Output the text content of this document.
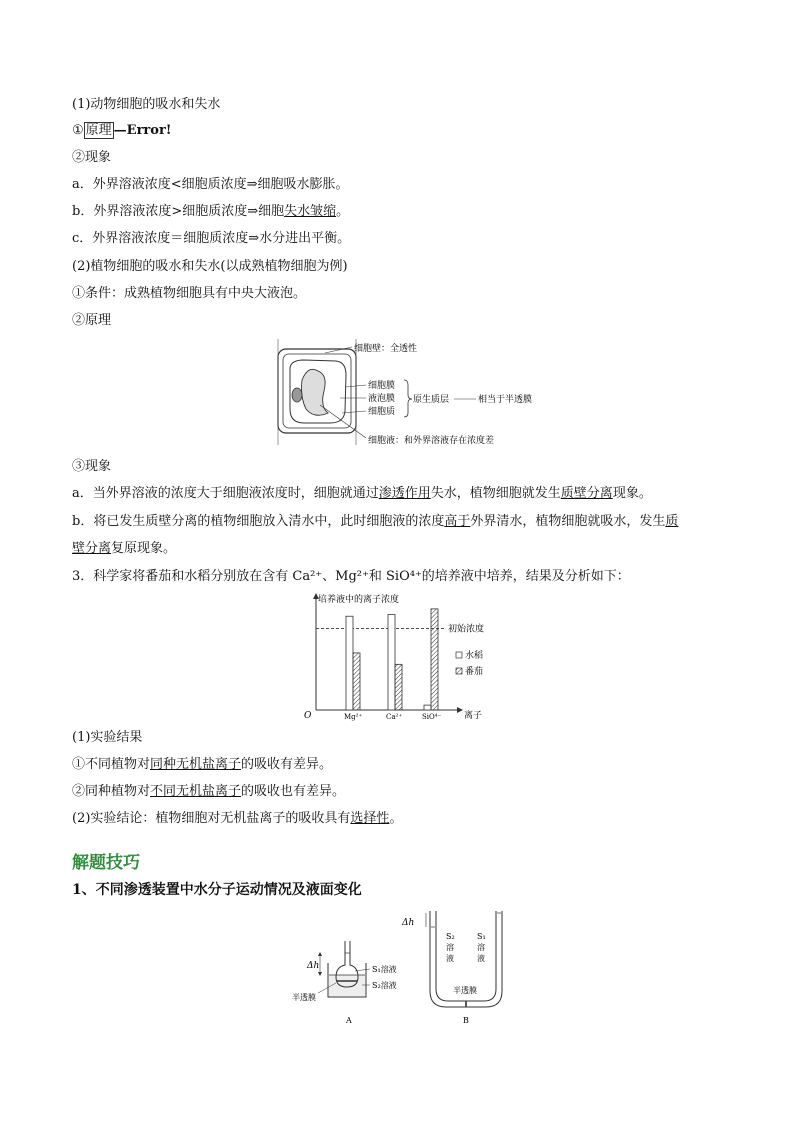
(1)动物细胞的吸水和失水
① 原理 —Error!
②现象
a．外界溶液浓度<细胞质浓度⇒细胞吸水膨胀。
b．外界溶液浓度>细胞质浓度⇒细胞失水皱缩。
c．外界溶液浓度＝细胞质浓度⇒水分进出平衡。
(2)植物细胞的吸水和失水(以成熟植物细胞为例)
①条件：成熟植物细胞具有中央大液泡。
②原理
细胞壁：全透性
细胞膜
液泡膜
细胞质
原生质层	相当于半透膜
细胞液：和外界溶液存在浓度差
③现象
a．当外界溶液的浓度大于细胞液浓度时，细胞就通过渗透作用失水，植物细胞就发生质壁分离现象。
b．将已发生质壁分离的植物细胞放入清水中，此时细胞液的浓度高于外界清水，植物细胞就吸水，发生质
壁分离复原现象。
3．科学家将番茄和水稻分别放在含有 Ca²⁺、Mg²⁺和 SiO⁴⁺的培养液中培养，结果及分析如下：
培养液中的离子浓度
O	离子
初始浓度
Mg²⁺	Ca²⁺	SiO⁴⁻
水稻
番茄
(1)实验结果
①不同植物对同种无机盐离子的吸收有差异。
②同种植物对不同无机盐离子的吸收也有差异。
(2)实验结论：植物细胞对无机盐离子的吸收具有选择性。
解题技巧
1、不同渗透装置中水分子运动情况及液面变化
Δh	S₁溶液
S₂溶液
半透膜
A
Δh
S₂
溶
液
S₁
溶
液
半透膜
B
